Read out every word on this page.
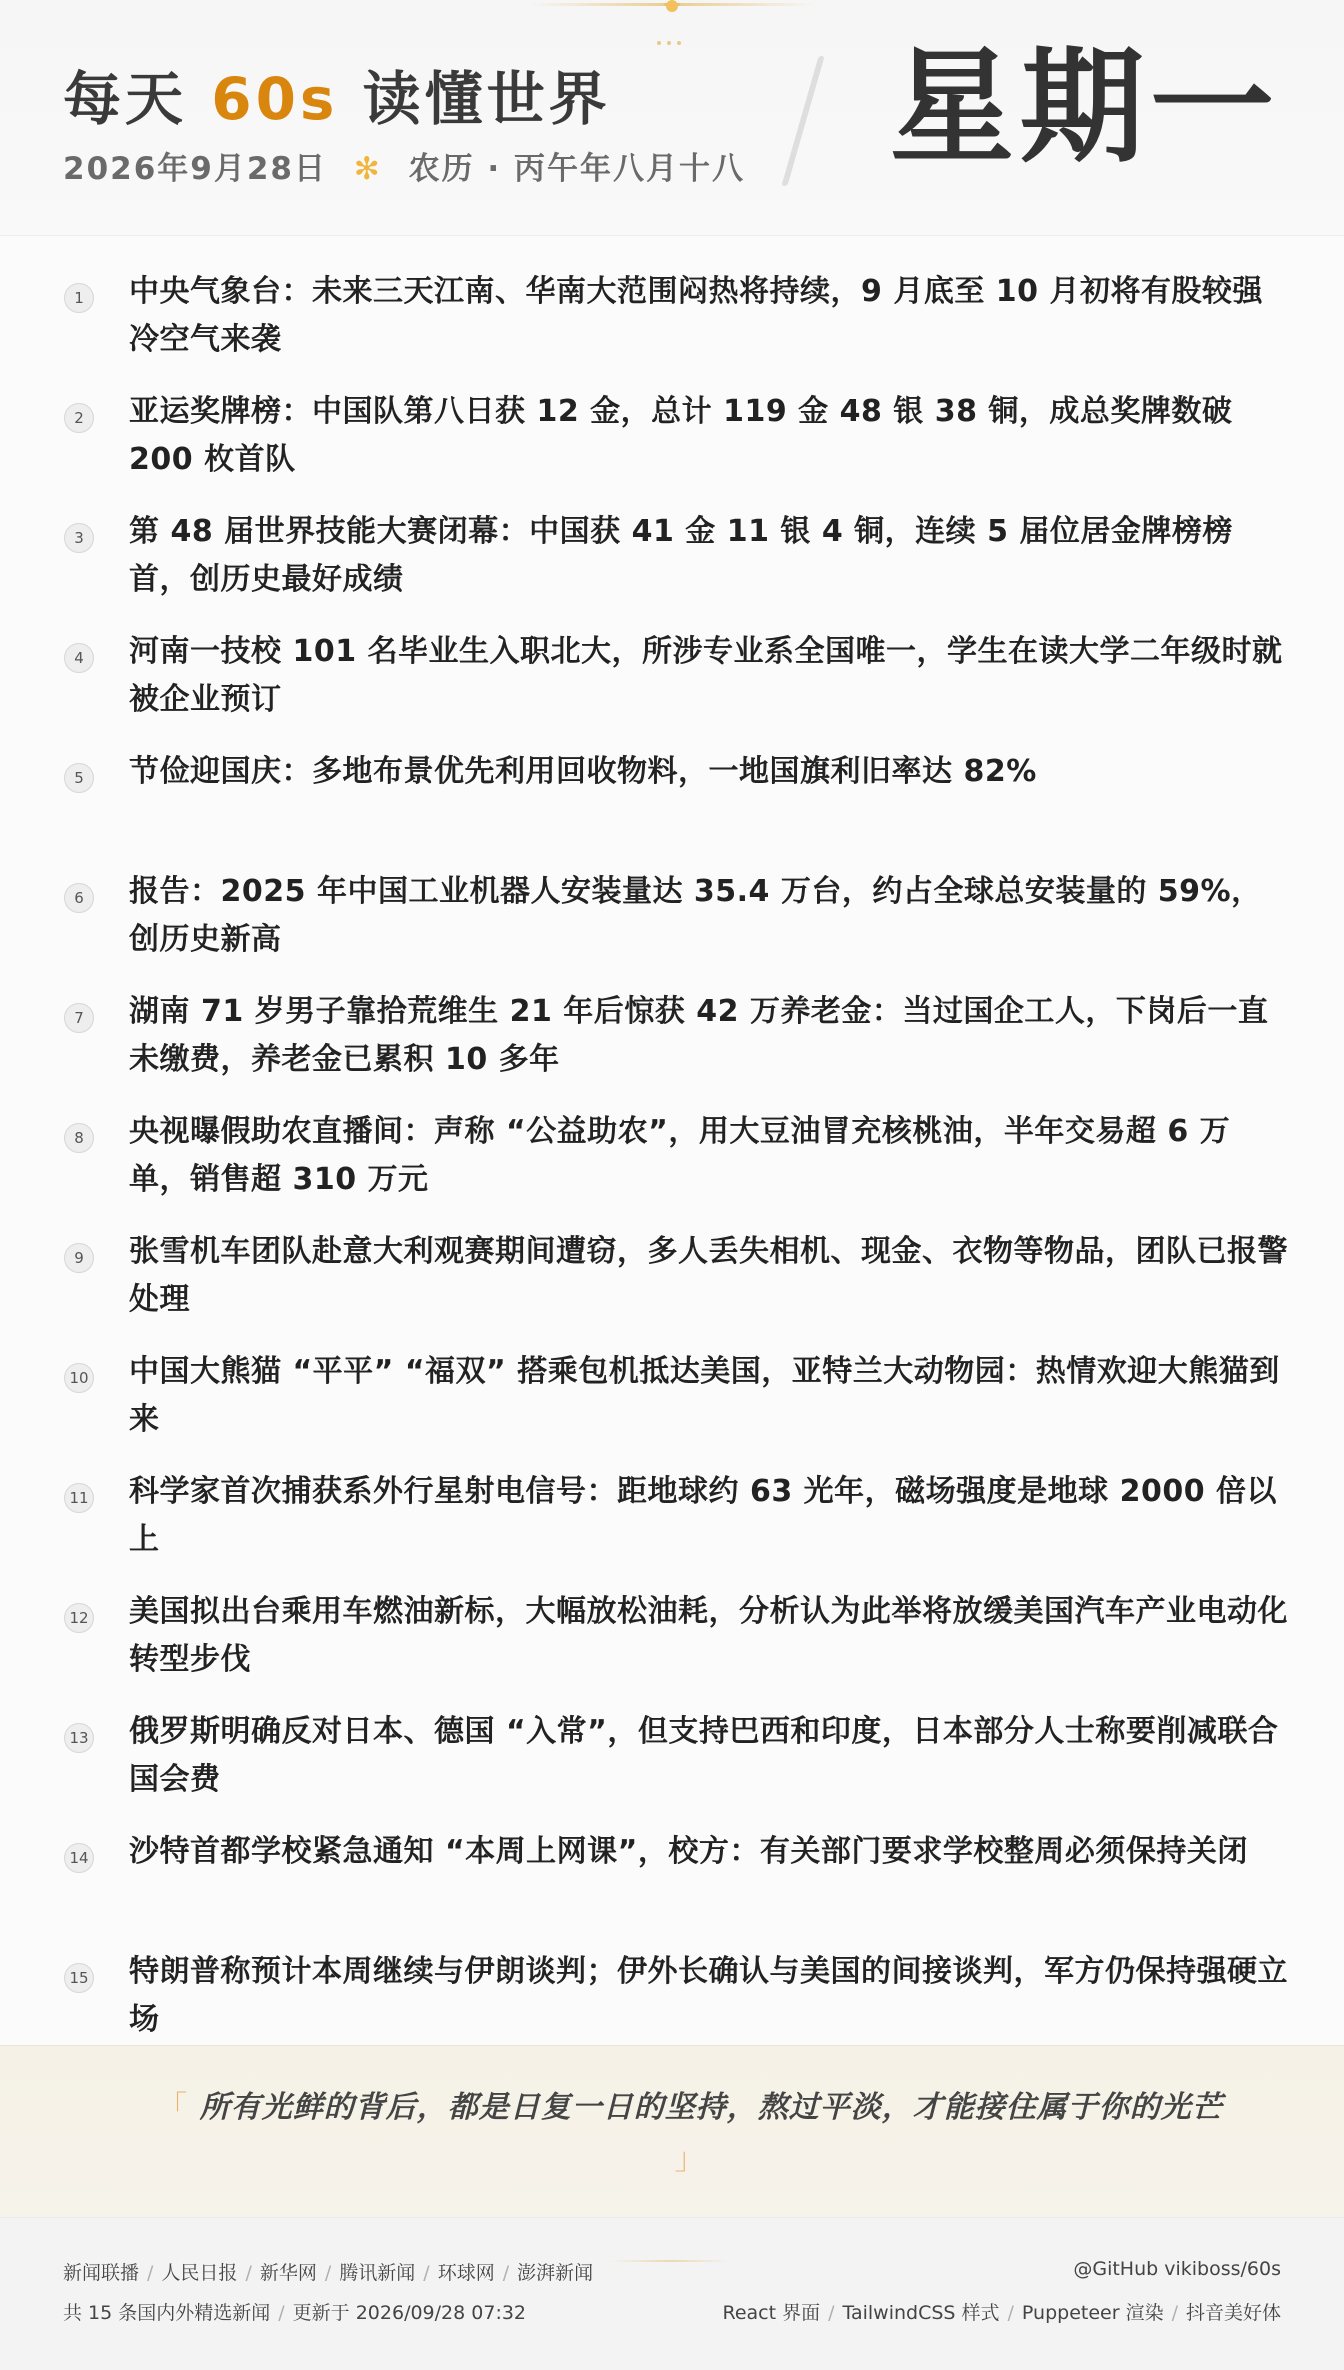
每天 60s 读懂世界
2026年9月28日 ✻ 农历 · 丙午年八月十八 星期一
1	中央气象台：未来三天江南、华南大范围闷热将持续，9 月底至 10 月初将有股较强冷空气来袭
2	亚运奖牌榜：中国队第八日获 12 金，总计 119 金 48 银 38 铜，成总奖牌数破 200 枚首队
3	第 48 届世界技能大赛闭幕：中国获 41 金 11 银 4 铜，连续 5 届位居金牌榜榜首，创历史最好成绩
4	河南一技校 101 名毕业生入职北大，所涉专业系全国唯一，学生在读大学二年级时就被企业预订
5	节俭迎国庆：多地布景优先利用回收物料，一地国旗利旧率达 82%
6	报告：2025 年中国工业机器人安装量达 35.4 万台，约占全球总安装量的 59%，创历史新高
7	湖南 71 岁男子靠拾荒维生 21 年后惊获 42 万养老金：当过国企工人，下岗后一直未缴费，养老金已累积 10 多年
8	央视曝假助农直播间：声称 “公益助农”，用大豆油冒充核桃油，半年交易超 6 万单，销售超 310 万元
9	张雪机车团队赴意大利观赛期间遭窃，多人丢失相机、现金、衣物等物品，团队已报警处理
10 中国大熊猫 “平平” “福双” 搭乘包机抵达美国，亚特兰大动物园：热情欢迎大熊猫到来
11 科学家首次捕获系外行星射电信号：距地球约 63 光年，磁场强度是地球 2000 倍以上
12 美国拟出台乘用车燃油新标，大幅放松油耗，分析认为此举将放缓美国汽车产业电动化转型步伐
13 俄罗斯明确反对日本、德国 “入常”，但支持巴西和印度，日本部分人士称要削减联合国会费
14 沙特首都学校紧急通知 “本周上网课”，校方：有关部门要求学校整周必须保持关闭
15 特朗普称预计本周继续与伊朗谈判；伊外长确认与美国的间接谈判，军方仍保持强硬立场
「 所有光鲜的背后，都是日复一日的坚持，熬过平淡，才能接住属于你的光芒 」
新闻联播 / 人民日报 / 新华网 / 腾讯新闻 / 环球网 / 澎湃新闻
共 15 条国内外精选新闻 / 更新于 2026/09/28 07:32
@GitHub vikiboss/60s
React 界面 / TailwindCSS 样式 / Puppeteer 渲染 / 抖音美好体
